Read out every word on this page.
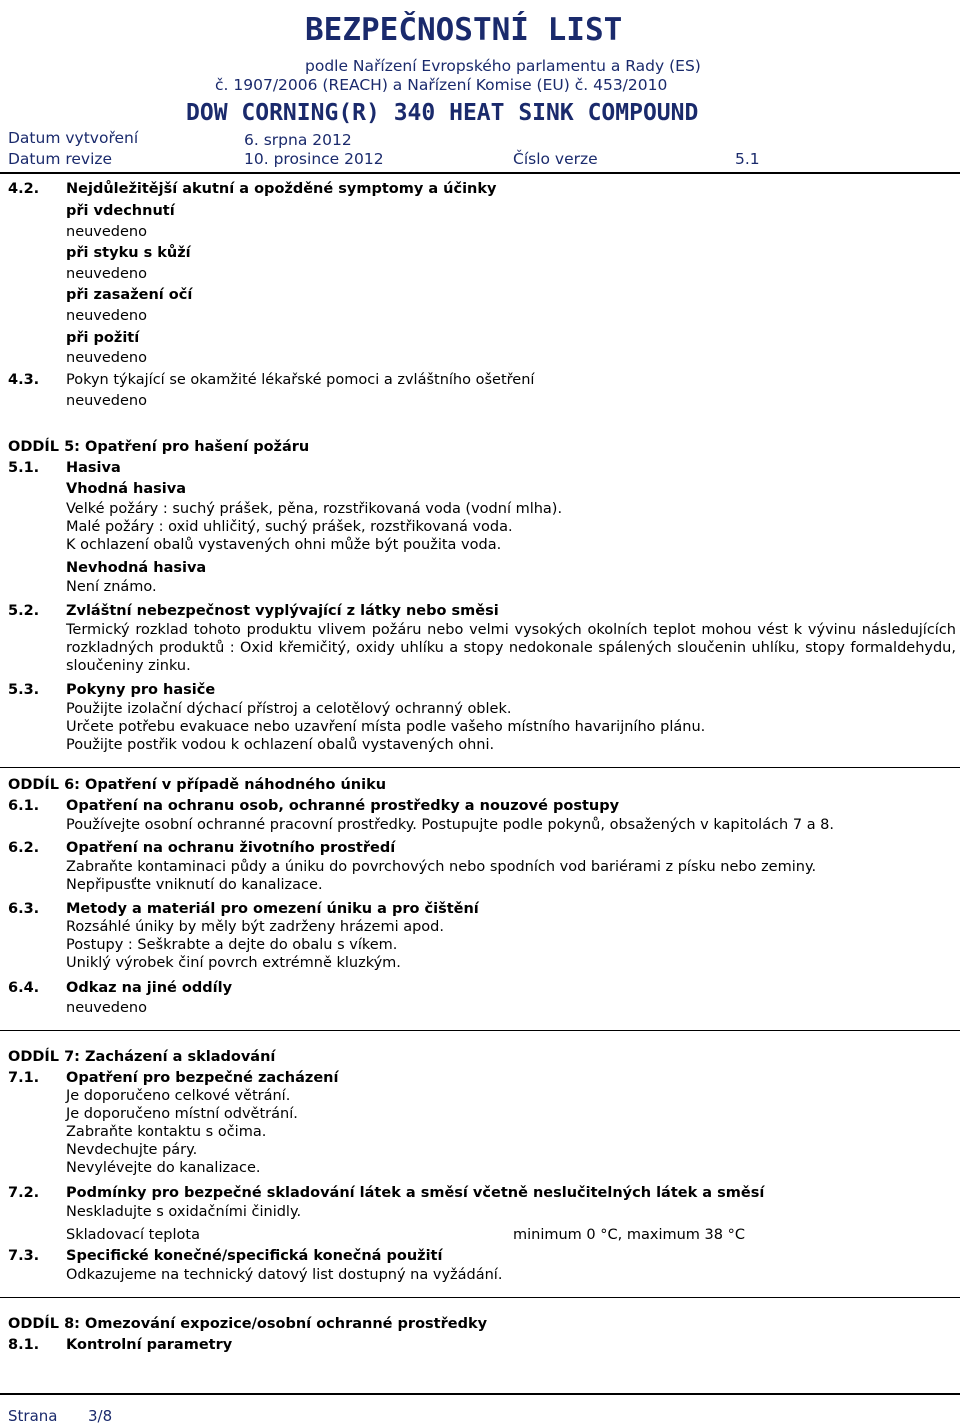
BEZPEČNOSTNÍ LIST
podle Nařízení Evropského parlamentu a Rady (ES)
č. 1907/2006 (REACH) a Nařízení Komise (EU) č. 453/2010
DOW CORNING(R) 340 HEAT SINK COMPOUND
Datum vytvoření	6. srpna 2012
Datum revize	10. prosince 2012	Číslo verze	5.1
4.2. Nejdůležitější akutní a opožděné symptomy a účinky
při vdechnutí
neuvedeno
při styku s kůží
neuvedeno
při zasažení očí
neuvedeno
při požití
neuvedeno
4.3. Pokyn týkající se okamžité lékařské pomoci a zvláštního ošetření
neuvedeno
ODDÍL 5: Opatření pro hašení požáru
5.1. Hasiva
Vhodná hasiva
Velké požáry : suchý prášek, pěna, rozstřikovaná voda (vodní mlha).
Malé požáry : oxid uhličitý, suchý prášek, rozstřikovaná voda.
K ochlazení obalů vystavených ohni může být použita voda.
Nevhodná hasiva
Není známo.
5.2. Zvláštní nebezpečnost vyplývající z látky nebo směsi
Termický rozklad tohoto produktu vlivem požáru nebo velmi vysokých okolních teplot mohou vést k vývinu následujících rozkladných produktů : Oxid křemičitý, oxidy uhlíku a stopy nedokonale spálených sloučenin uhlíku, stopy formaldehydu, sloučeniny zinku.
5.3. Pokyny pro hasiče
Použijte izolační dýchací přístroj a celotělový ochranný oblek.
Určete potřebu evakuace nebo uzavření místa podle vašeho místního havarijního plánu.
Použijte postřik vodou k ochlazení obalů vystavených ohni.
ODDÍL 6: Opatření v případě náhodného úniku
6.1. Opatření na ochranu osob, ochranné prostředky a nouzové postupy
Používejte osobní ochranné pracovní prostředky. Postupujte podle pokynů, obsažených v kapitolách 7 a 8.
6.2. Opatření na ochranu životního prostředí
Zabraňte kontaminaci půdy a úniku do povrchových nebo spodních vod bariérami z písku nebo zeminy.
Nepřipusťte vniknutí do kanalizace.
6.3. Metody a materiál pro omezení úniku a pro čištění
Rozsáhlé úniky by měly být zadrženy hrázemi apod.
Postupy : Seškrabte a dejte do obalu s víkem.
Uniklý výrobek činí povrch extrémně kluzkým.
6.4. Odkaz na jiné oddíly
neuvedeno
ODDÍL 7: Zacházení a skladování
7.1. Opatření pro bezpečné zacházení
Je doporučeno celkové větrání.
Je doporučeno místní odvětrání.
Zabraňte kontaktu s očima.
Nevdechujte páry.
Nevylévejte do kanalizace.
7.2. Podmínky pro bezpečné skladování látek a směsí včetně neslučitelných látek a směsí
Neskladujte s oxidačními činidly.
Skladovací teplota	minimum 0 °C, maximum 38 °C
7.3. Specifické konečné/specifická konečná použití
Odkazujeme na technický datový list dostupný na vyžádání.
ODDÍL 8: Omezování expozice/osobní ochranné prostředky
8.1. Kontrolní parametry
Strana 3/8
